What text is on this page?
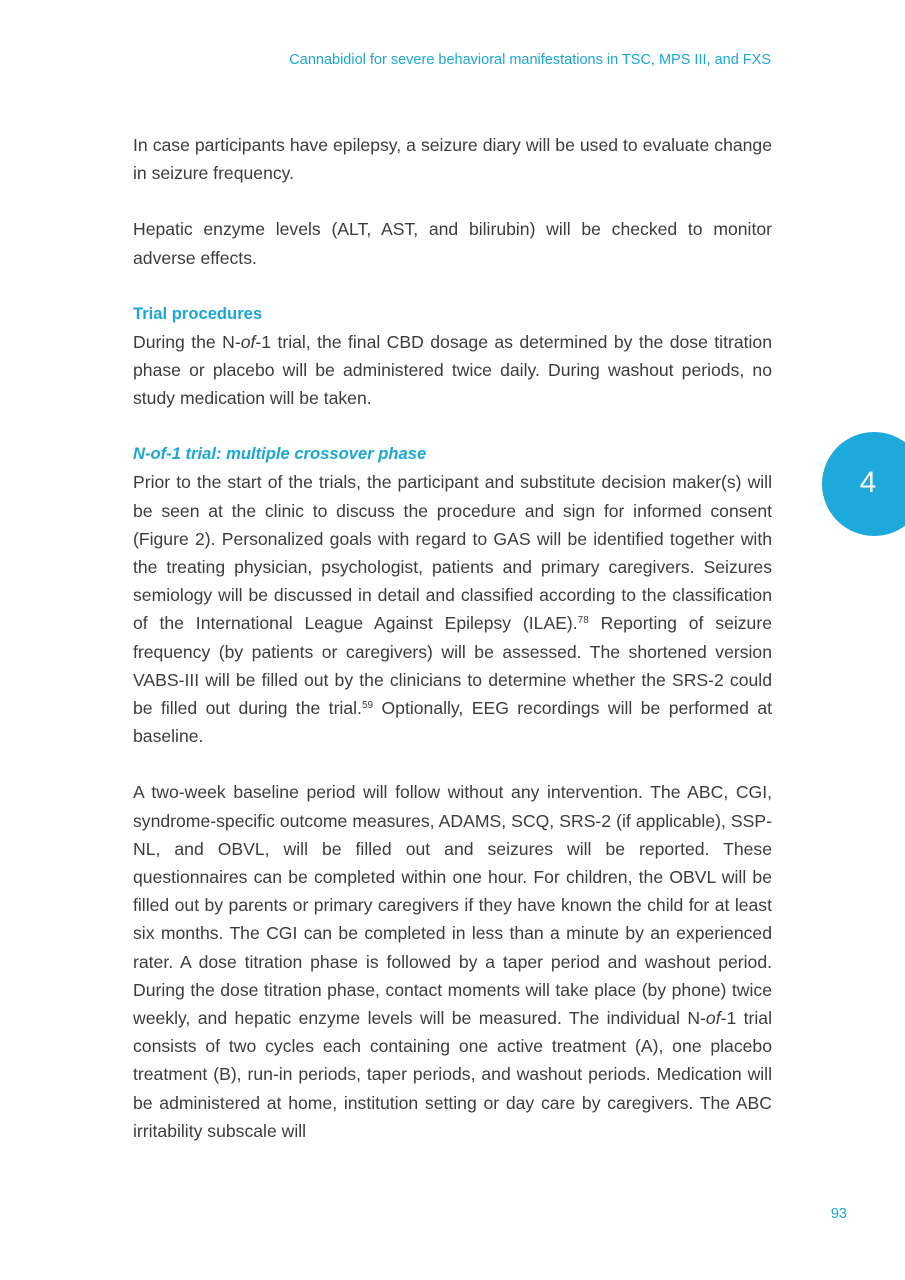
Cannabidiol for severe behavioral manifestations in TSC, MPS III, and FXS
4

In case participants have epilepsy, a seizure diary will be used to evaluate change in seizure frequency.

Hepatic enzyme levels (ALT, AST, and bilirubin) will be checked to monitor adverse effects.

Trial procedures

During the N-of-1 trial, the final CBD dosage as determined by the dose titration phase or placebo will be administered twice daily. During washout periods, no study medication will be taken.

N-of-1 trial: multiple crossover phase

Prior to the start of the trials, the participant and substitute decision maker(s) will be seen at the clinic to discuss the procedure and sign for informed consent (Figure 2). Personalized goals with regard to GAS will be identified together with the treating physician, psychologist, patients and primary caregivers. Seizures semiology will be discussed in detail and classified according to the classification of the International League Against Epilepsy (ILAE).$^{78}$ Reporting of seizure frequency (by patients or caregivers) will be assessed. The shortened version VABS-III will be filled out by the clinicians to determine whether the SRS-2 could be filled out during the trial.$^{59}$ Optionally, EEG recordings will be performed at baseline.

A two-week baseline period will follow without any intervention. The ABC, CGI, syndrome-specific outcome measures, ADAMS, SCQ, SRS-2 (if applicable), SSP-NL, and OBVL, will be filled out and seizures will be reported. These questionnaires can be completed within one hour. For children, the OBVL will be filled out by parents or primary caregivers if they have known the child for at least six months. The CGI can be completed in less than a minute by an experienced rater. A dose titration phase is followed by a taper period and washout period. During the dose titration phase, contact moments will take place (by phone) twice weekly, and hepatic enzyme levels will be measured. The individual N-of-1 trial consists of two cycles each containing one active treatment (A), one placebo treatment (B), run-in periods, taper periods, and washout periods. Medication will be administered at home, institution setting or day care by caregivers. The ABC irritability subscale will

93
